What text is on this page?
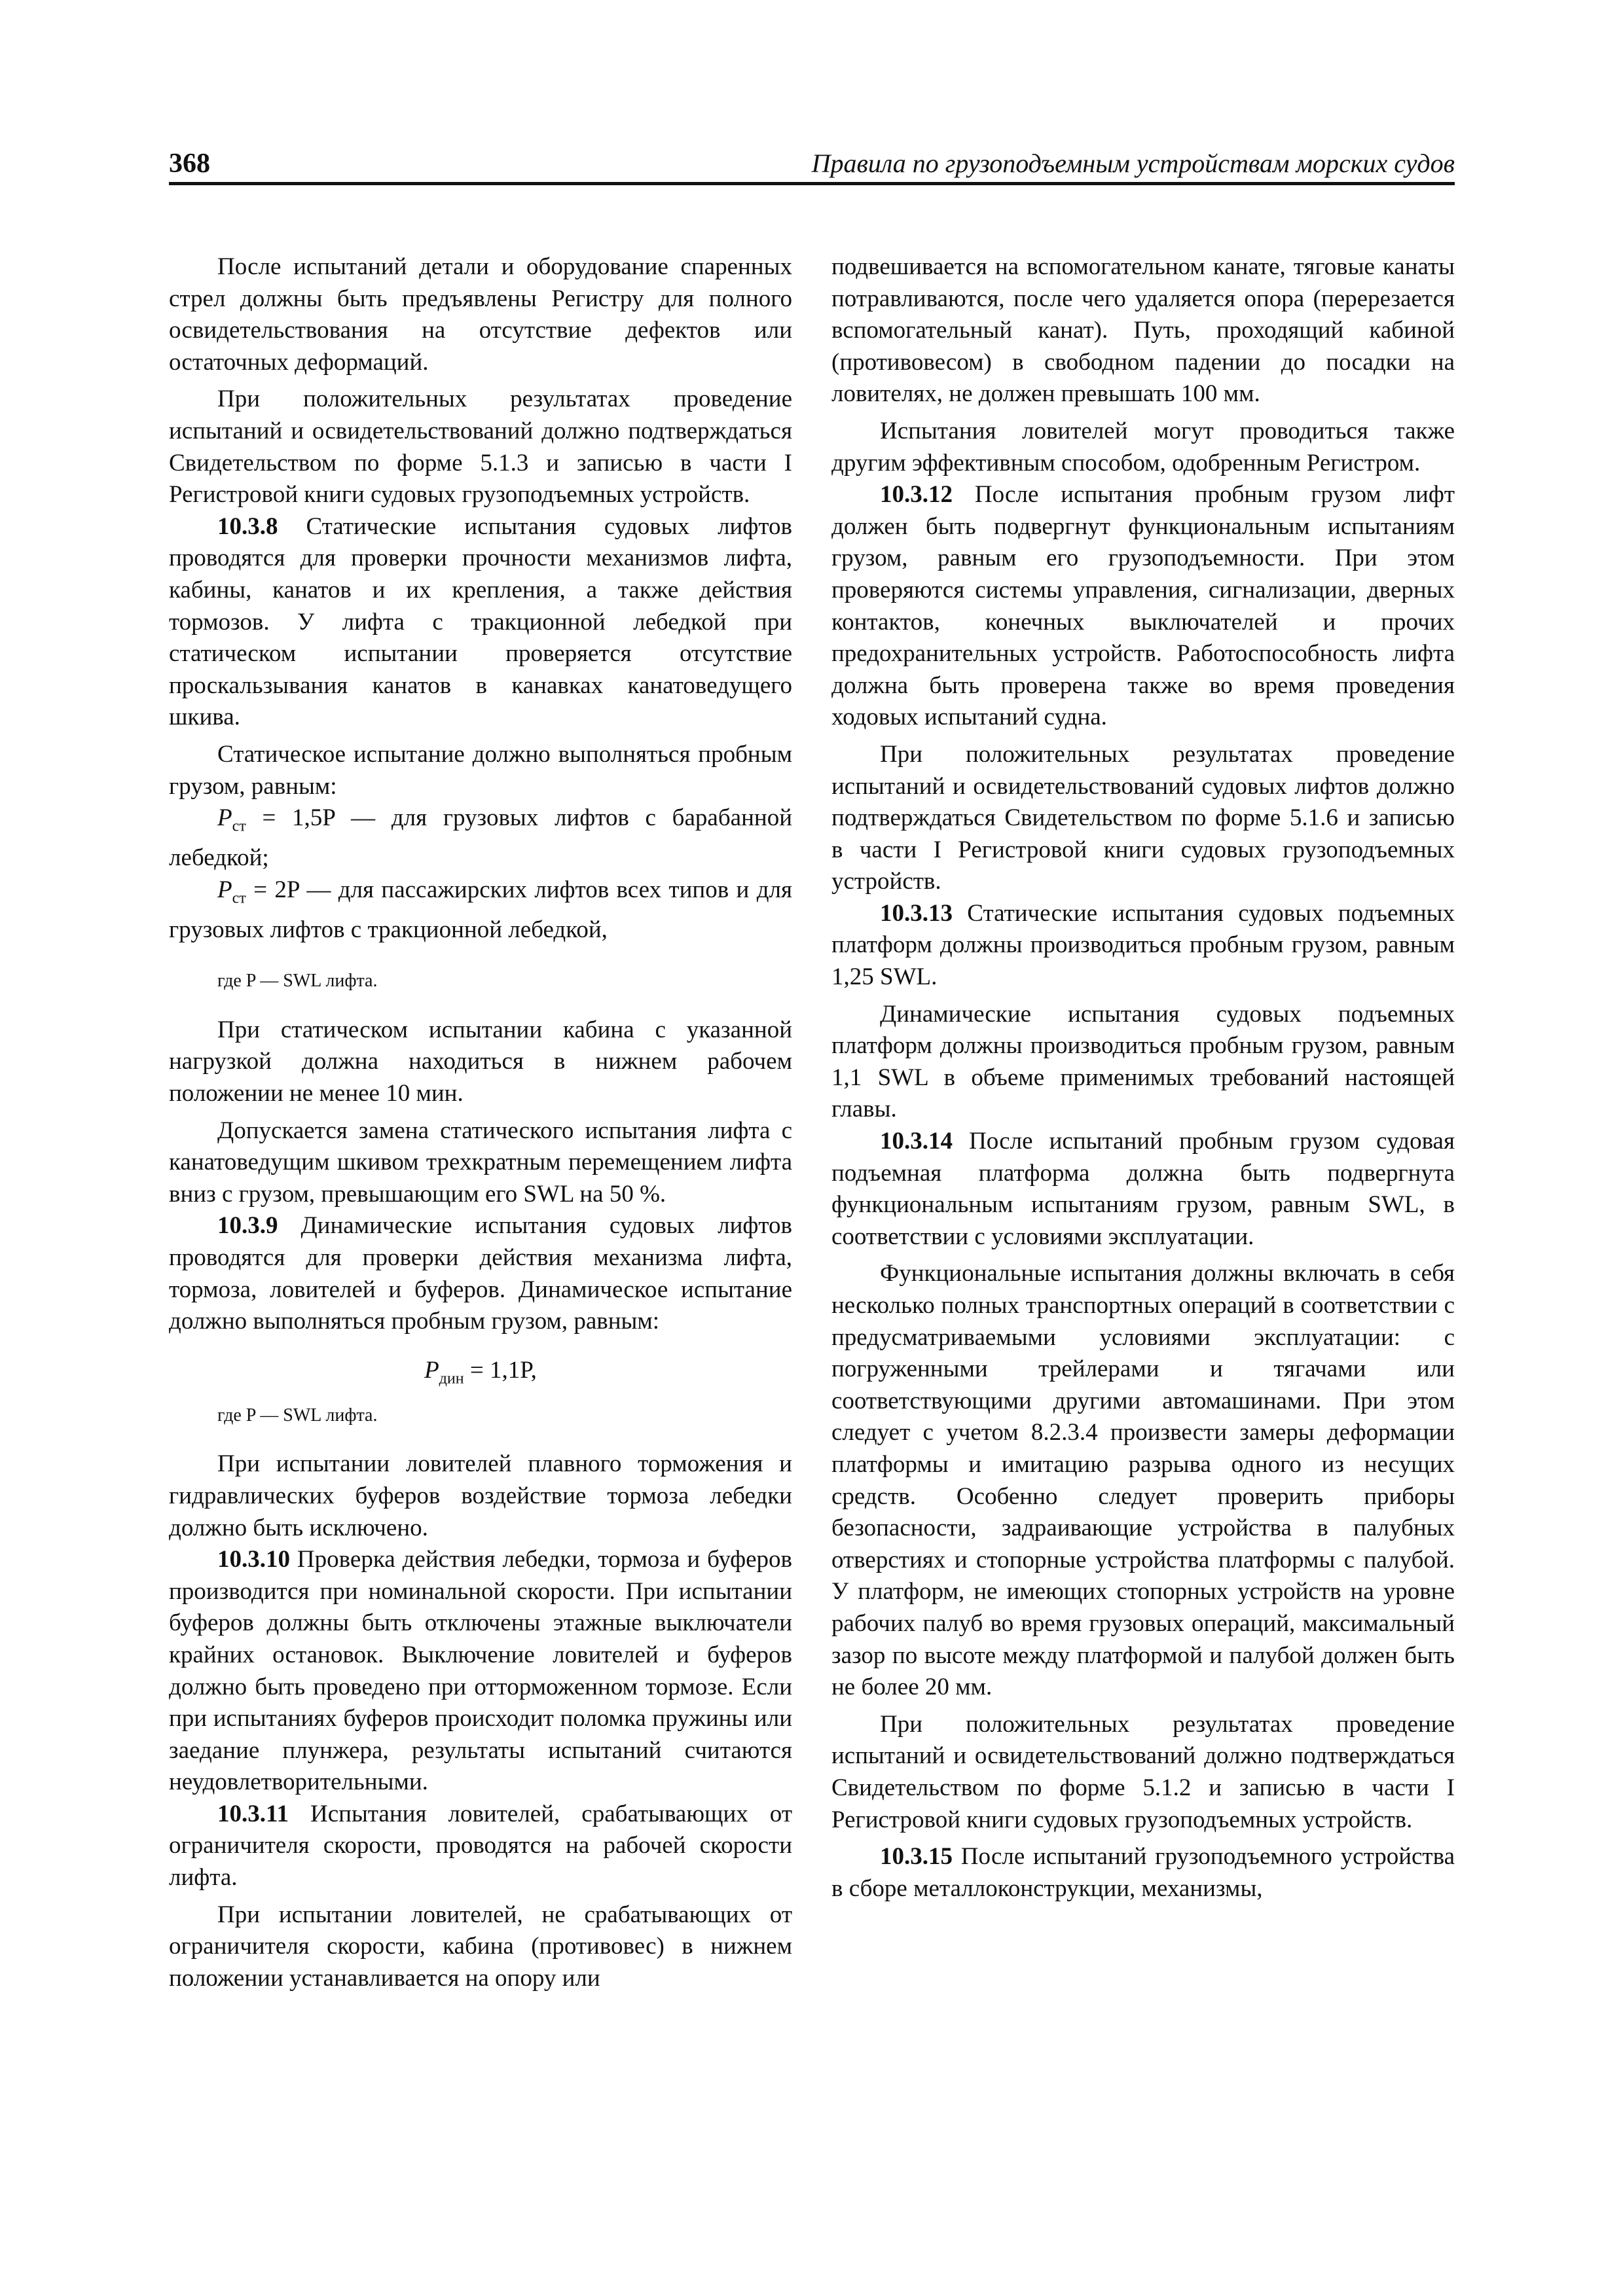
368	Правила по грузоподъемным устройствам морских судов

После испытаний детали и оборудование спаренных стрел должны быть предъявлены Регистру для полного освидетельствования на отсутствие дефектов или остаточных деформаций.

При положительных результатах проведение испытаний и освидетельствований должно подтверждаться Свидетельством по форме 5.1.3 и записью в части I Регистровой книги судовых грузоподъемных устройств.

10.3.8 Статические испытания судовых лифтов проводятся для проверки прочности механизмов лифта, кабины, канатов и их крепления, а также действия тормозов. У лифта с тракционной лебедкой при статическом испытании проверяется отсутствие проскальзывания канатов в канавках канатоведущего шкива.

Статическое испытание должно выполняться пробным грузом, равным:

$P_{ст} = 1,5P$ — для грузовых лифтов с барабанной лебедкой;

$P_{ст} = 2P$ — для пассажирских лифтов всех типов и для грузовых лифтов с тракционной лебедкой,

где P — SWL лифта.

При статическом испытании кабина с указанной нагрузкой должна находиться в нижнем рабочем положении не менее 10 мин.

Допускается замена статического испытания лифта с канатоведущим шкивом трехкратным перемещением лифта вниз с грузом, превышающим его SWL на 50 %.

10.3.9 Динамические испытания судовых лифтов проводятся для проверки действия механизма лифта, тормоза, ловителей и буферов. Динамическое испытание должно выполняться пробным грузом, равным:

$P_{дин} = 1,1P$,

где P — SWL лифта.

При испытании ловителей плавного торможения и гидравлических буферов воздействие тормоза лебедки должно быть исключено.

10.3.10 Проверка действия лебедки, тормоза и буферов производится при номинальной скорости. При испытании буферов должны быть отключены этажные выключатели крайних остановок. Выключение ловителей и буферов должно быть проведено при отторможенном тормозе. Если при испытаниях буферов происходит поломка пружины или заедание плунжера, результаты испытаний считаются неудовлетворительными.

10.3.11 Испытания ловителей, срабатывающих от ограничителя скорости, проводятся на рабочей скорости лифта.

При испытании ловителей, не срабатывающих от ограничителя скорости, кабина (противовес) в нижнем положении устанавливается на опору или

подвешивается на вспомогательном канате, тяговые канаты потравливаются, после чего удаляется опора (перерезается вспомогательный канат). Путь, проходящий кабиной (противовесом) в свободном падении до посадки на ловителях, не должен превышать 100 мм.

Испытания ловителей могут проводиться также другим эффективным способом, одобренным Регистром.

10.3.12 После испытания пробным грузом лифт должен быть подвергнут функциональным испытаниям грузом, равным его грузоподъемности. При этом проверяются системы управления, сигнализации, дверных контактов, конечных выключателей и прочих предохранительных устройств. Работоспособность лифта должна быть проверена также во время проведения ходовых испытаний судна.

При положительных результатах проведение испытаний и освидетельствований судовых лифтов должно подтверждаться Свидетельством по форме 5.1.6 и записью в части I Регистровой книги судовых грузоподъемных устройств.

10.3.13 Статические испытания судовых подъемных платформ должны производиться пробным грузом, равным 1,25 SWL.

Динамические испытания судовых подъемных платформ должны производиться пробным грузом, равным 1,1 SWL в объеме применимых требований настоящей главы.

10.3.14 После испытаний пробным грузом судовая подъемная платформа должна быть подвергнута функциональным испытаниям грузом, равным SWL, в соответствии с условиями эксплуатации.

Функциональные испытания должны включать в себя несколько полных транспортных операций в соответствии с предусматриваемыми условиями эксплуатации: с погруженными трейлерами и тягачами или соответствующими другими автомашинами. При этом следует с учетом 8.2.3.4 произвести замеры деформации платформы и имитацию разрыва одного из несущих средств. Особенно следует проверить приборы безопасности, задраивающие устройства в палубных отверстиях и стопорные устройства платформы с палубой. У платформ, не имеющих стопорных устройств на уровне рабочих палуб во время грузовых операций, максимальный зазор по высоте между платформой и палубой должен быть не более 20 мм.

При положительных результатах проведение испытаний и освидетельствований должно подтверждаться Свидетельством по форме 5.1.2 и записью в части I Регистровой книги судовых грузоподъемных устройств.

10.3.15 После испытаний грузоподъемного устройства в сборе металлоконструкции, механизмы,
